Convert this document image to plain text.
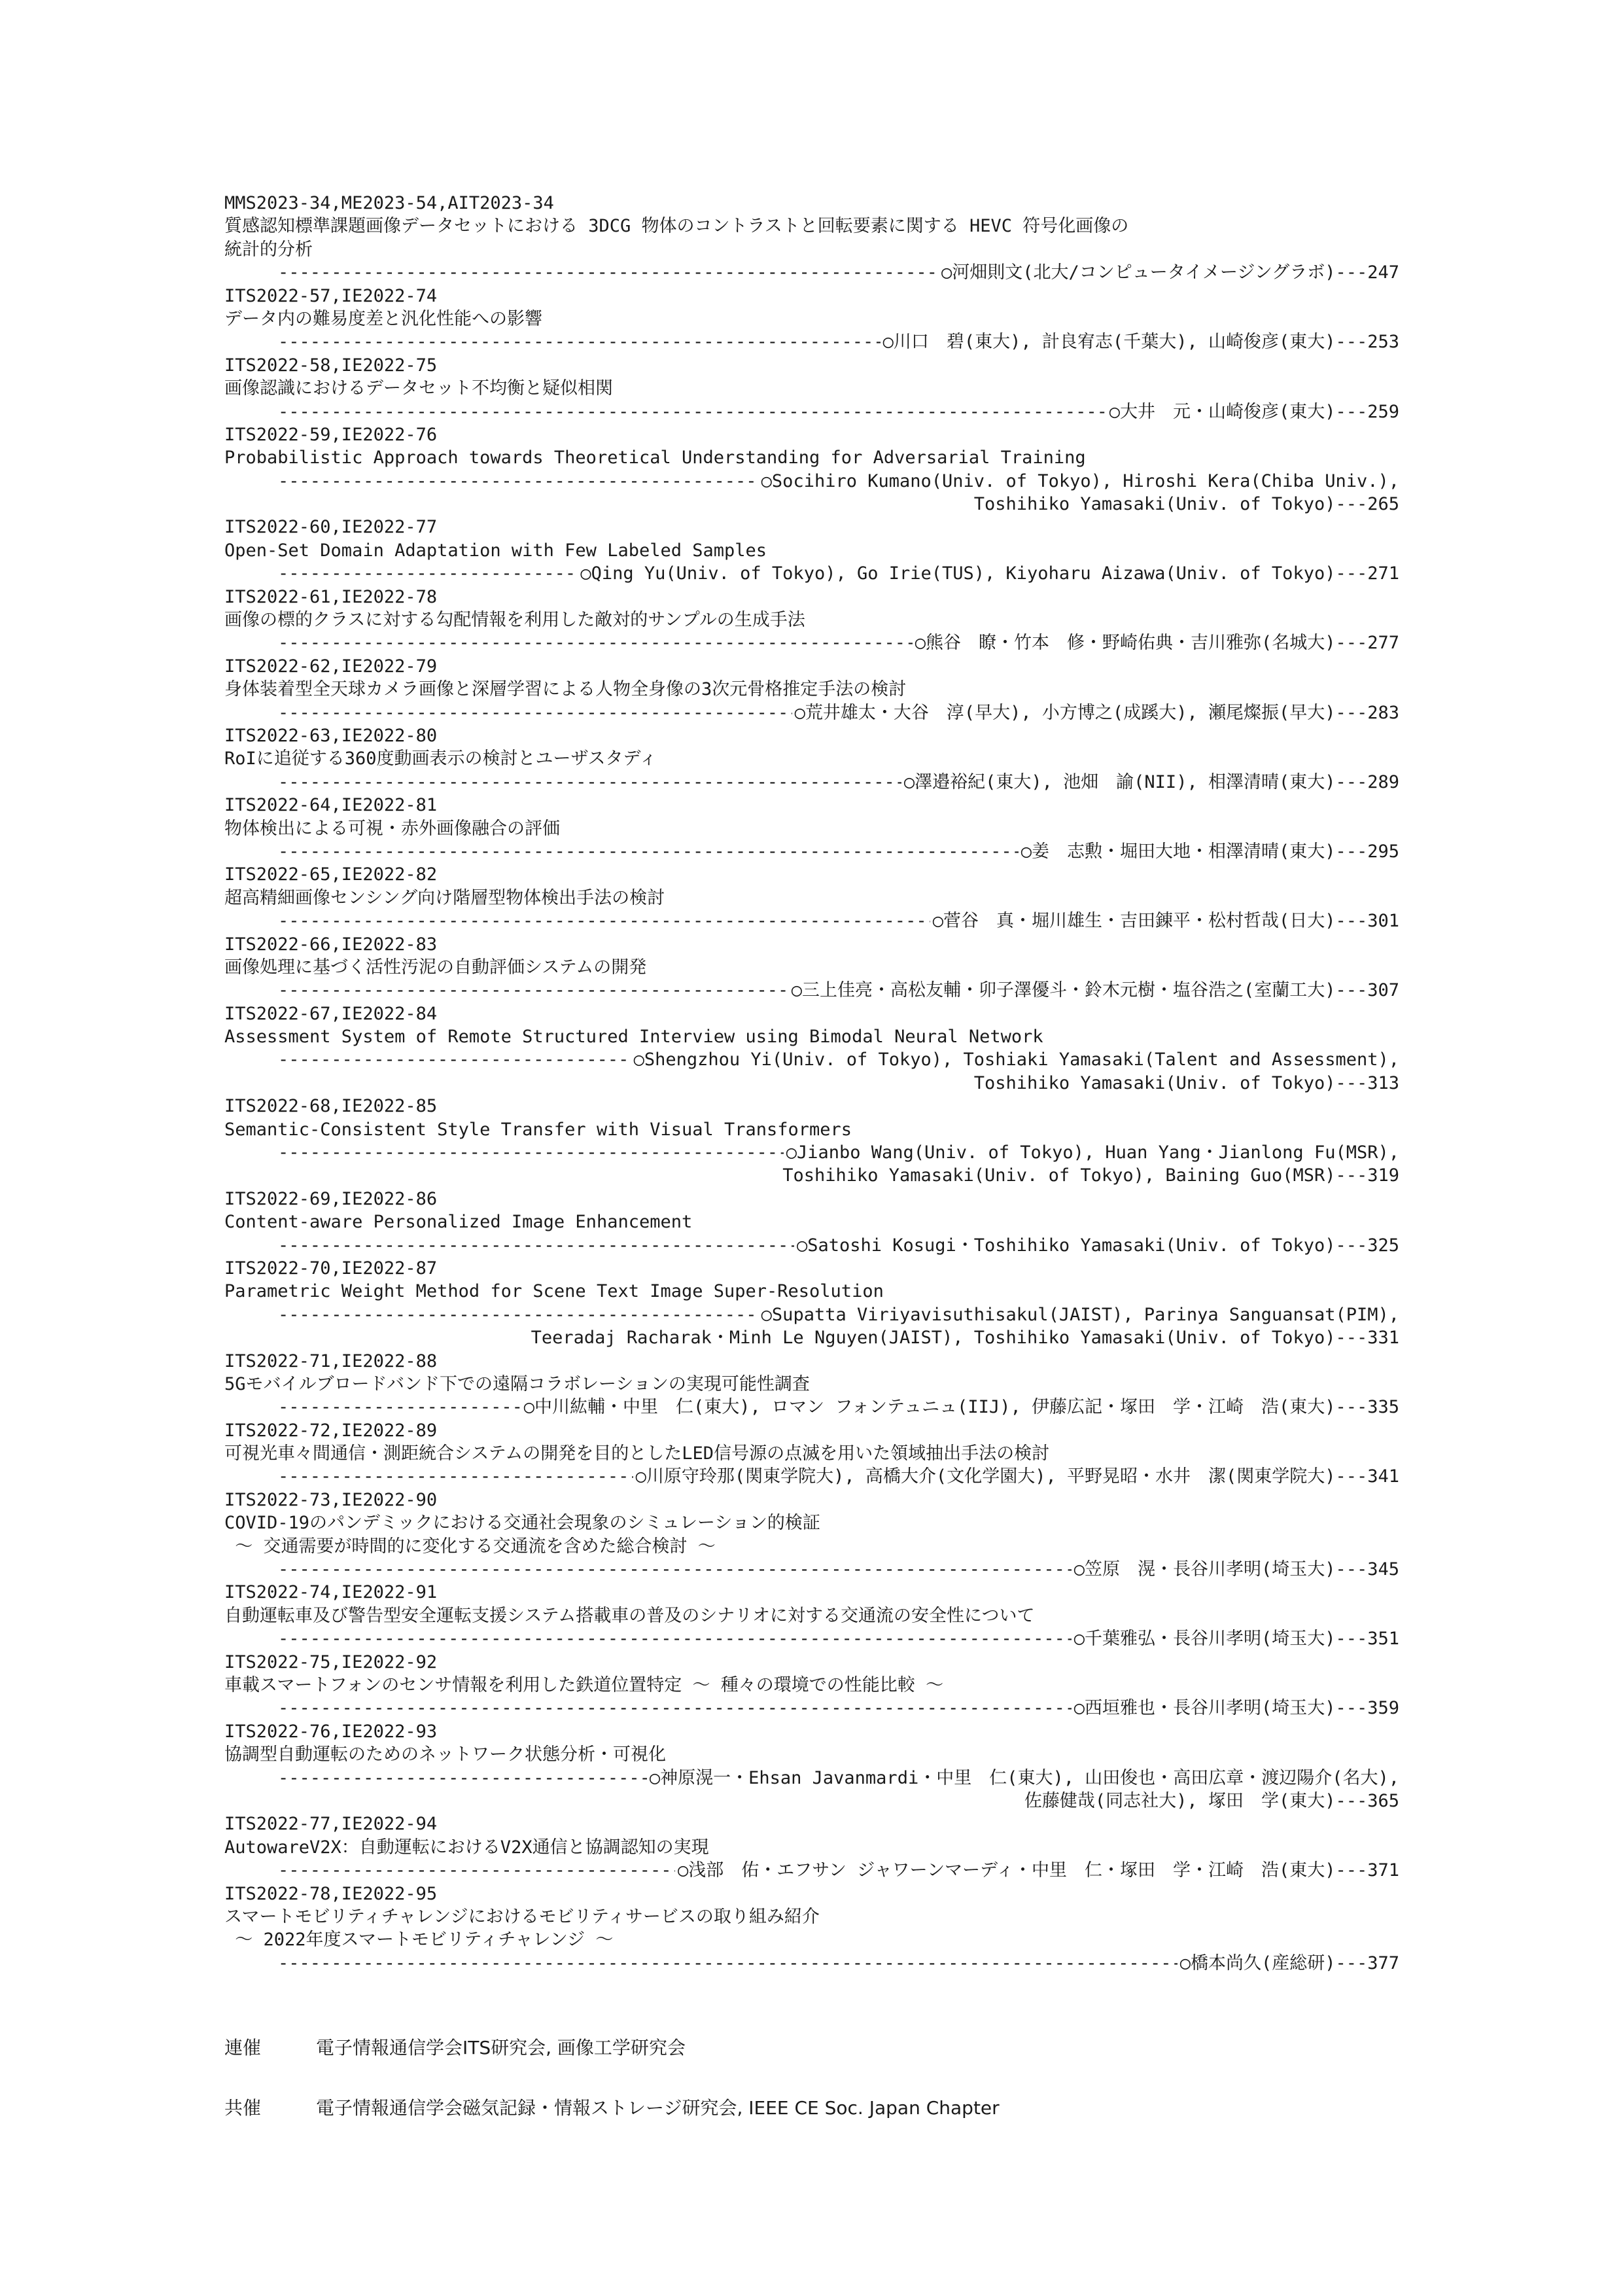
MMS2023-34,ME2023-54,AIT2023-34
質感認知標準課題画像データセットにおける 3DCG 物体のコントラストと回転要素に関する HEVC 符号化画像の
統計的分析
-----
○河畑則文(北大/コンピュータイメージングラボ)---247
ITS2022-57,IE2022-74
データ内の難易度差と汎化性能への影響
-----
○川口　碧(東大), 計良宥志(千葉大), 山崎俊彦(東大)---253
ITS2022-58,IE2022-75
画像認識におけるデータセット不均衡と疑似相関
-----
○大井　元・山崎俊彦(東大)---259
ITS2022-59,IE2022-76
Probabilistic Approach towards Theoretical Understanding for Adversarial Training
-----
○Socihiro Kumano(Univ. of Tokyo), Hiroshi Kera(Chiba Univ.),
Toshihiko Yamasaki(Univ. of Tokyo)---265
ITS2022-60,IE2022-77
Open-Set Domain Adaptation with Few Labeled Samples
-----
○Qing Yu(Univ. of Tokyo), Go Irie(TUS), Kiyoharu Aizawa(Univ. of Tokyo)---271
ITS2022-61,IE2022-78
画像の標的クラスに対する勾配情報を利用した敵対的サンプルの生成手法
-----
○熊谷　瞭・竹本　修・野崎佑典・吉川雅弥(名城大)---277
ITS2022-62,IE2022-79
身体装着型全天球カメラ画像と深層学習による人物全身像の3次元骨格推定手法の検討
-----
○荒井雄太・大谷　淳(早大), 小方博之(成蹊大), 瀬尾燦振(早大)---283
ITS2022-63,IE2022-80
RoIに追従する360度動画表示の検討とユーザスタディ
-----
○澤邉裕紀(東大), 池畑　諭(NII), 相澤清晴(東大)---289
ITS2022-64,IE2022-81
物体検出による可視・赤外画像融合の評価
-----
○姜　志勲・堀田大地・相澤清晴(東大)---295
ITS2022-65,IE2022-82
超高精細画像センシング向け階層型物体検出手法の検討
-----
○菅谷　真・堀川雄生・吉田錬平・松村哲哉(日大)---301
ITS2022-66,IE2022-83
画像処理に基づく活性汚泥の自動評価システムの開発
-----
○三上佳亮・高松友輔・卯子澤優斗・鈴木元樹・塩谷浩之(室蘭工大)---307
ITS2022-67,IE2022-84
Assessment System of Remote Structured Interview using Bimodal Neural Network
-----
○Shengzhou Yi(Univ. of Tokyo), Toshiaki Yamasaki(Talent and Assessment),
Toshihiko Yamasaki(Univ. of Tokyo)---313
ITS2022-68,IE2022-85
Semantic-Consistent Style Transfer with Visual Transformers
-----
○Jianbo Wang(Univ. of Tokyo), Huan Yang・Jianlong Fu(MSR),
Toshihiko Yamasaki(Univ. of Tokyo), Baining Guo(MSR)---319
ITS2022-69,IE2022-86
Content-aware Personalized Image Enhancement
-----
○Satoshi Kosugi・Toshihiko Yamasaki(Univ. of Tokyo)---325
ITS2022-70,IE2022-87
Parametric Weight Method for Scene Text Image Super-Resolution
-----
○Supatta Viriyavisuthisakul(JAIST), Parinya Sanguansat(PIM),
Teeradaj Racharak・Minh Le Nguyen(JAIST), Toshihiko Yamasaki(Univ. of Tokyo)---331
ITS2022-71,IE2022-88
5Gモバイルブロードバンド下での遠隔コラボレーションの実現可能性調査
-----
○中川紘輔・中里　仁(東大), ロマン フォンテュニュ(IIJ), 伊藤広記・塚田　学・江崎　浩(東大)---335
ITS2022-72,IE2022-89
可視光車々間通信・測距統合システムの開発を目的としたLED信号源の点滅を用いた領域抽出手法の検討
-----
○川原守玲那(関東学院大), 高橋大介(文化学園大), 平野晃昭・水井　潔(関東学院大)---341
ITS2022-73,IE2022-90
COVID-19のパンデミックにおける交通社会現象のシミュレーション的検証
～ 交通需要が時間的に変化する交通流を含めた総合検討 ～
-----
○笠原　滉・長谷川孝明(埼玉大)---345
ITS2022-74,IE2022-91
自動運転車及び警告型安全運転支援システム搭載車の普及のシナリオに対する交通流の安全性について
-----
○千葉雅弘・長谷川孝明(埼玉大)---351
ITS2022-75,IE2022-92
車載スマートフォンのセンサ情報を利用した鉄道位置特定 ～ 種々の環境での性能比較 ～
-----
○西垣雅也・長谷川孝明(埼玉大)---359
ITS2022-76,IE2022-93
協調型自動運転のためのネットワーク状態分析・可視化
-----
○神原滉一・Ehsan Javanmardi・中里　仁(東大), 山田俊也・高田広章・渡辺陽介(名大),
佐藤健哉(同志社大), 塚田　学(東大)---365
ITS2022-77,IE2022-94
AutowareV2X：自動運転におけるV2X通信と協調認知の実現
-----
○浅部　佑・エフサン ジャワーンマーディ・中里　仁・塚田　学・江崎　浩(東大)---371
ITS2022-78,IE2022-95
スマートモビリティチャレンジにおけるモビリティサービスの取り組み紹介
～ 2022年度スマートモビリティチャレンジ ～
-----
○橋本尚久(産総研)---377
連催	電子情報通信学会ITS研究会, 画像工学研究会
共催	電子情報通信学会磁気記録・情報ストレージ研究会, IEEE CE Soc. Japan Chapter
